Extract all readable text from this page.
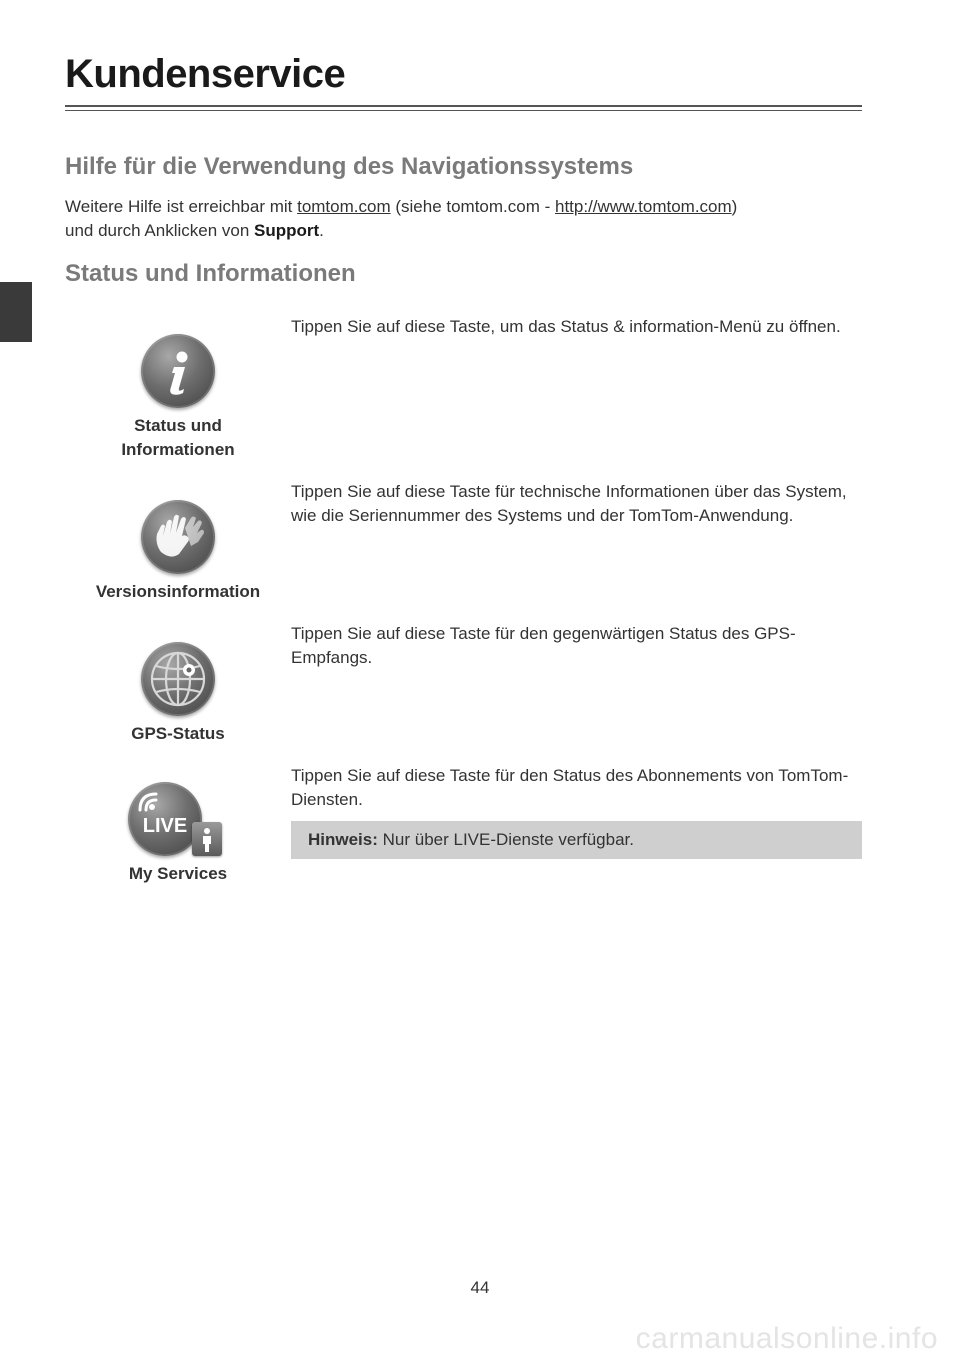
Kundenservice
Hilfe für die Verwendung des Navigationssystems
Weitere Hilfe ist erreichbar mit tomtom.com (siehe tomtom.com - http://www.tomtom.com)
und durch Anklicken von Support.
Status und Informationen
Status und
Informationen
Tippen Sie auf diese Taste, um das Status & information-Menü zu öffnen.
Versionsinformation
Tippen Sie auf diese Taste für technische Informationen über das System, wie die Seriennummer des Systems und der TomTom-Anwendung.
GPS-Status
Tippen Sie auf diese Taste für den gegenwärtigen Status des GPS-Empfangs.
LIVE
My Services
Tippen Sie auf diese Taste für den Status des Abonnements von TomTom-Diensten.
Hinweis: Nur über LIVE-Dienste verfügbar.
44
carmanualsonline.info
